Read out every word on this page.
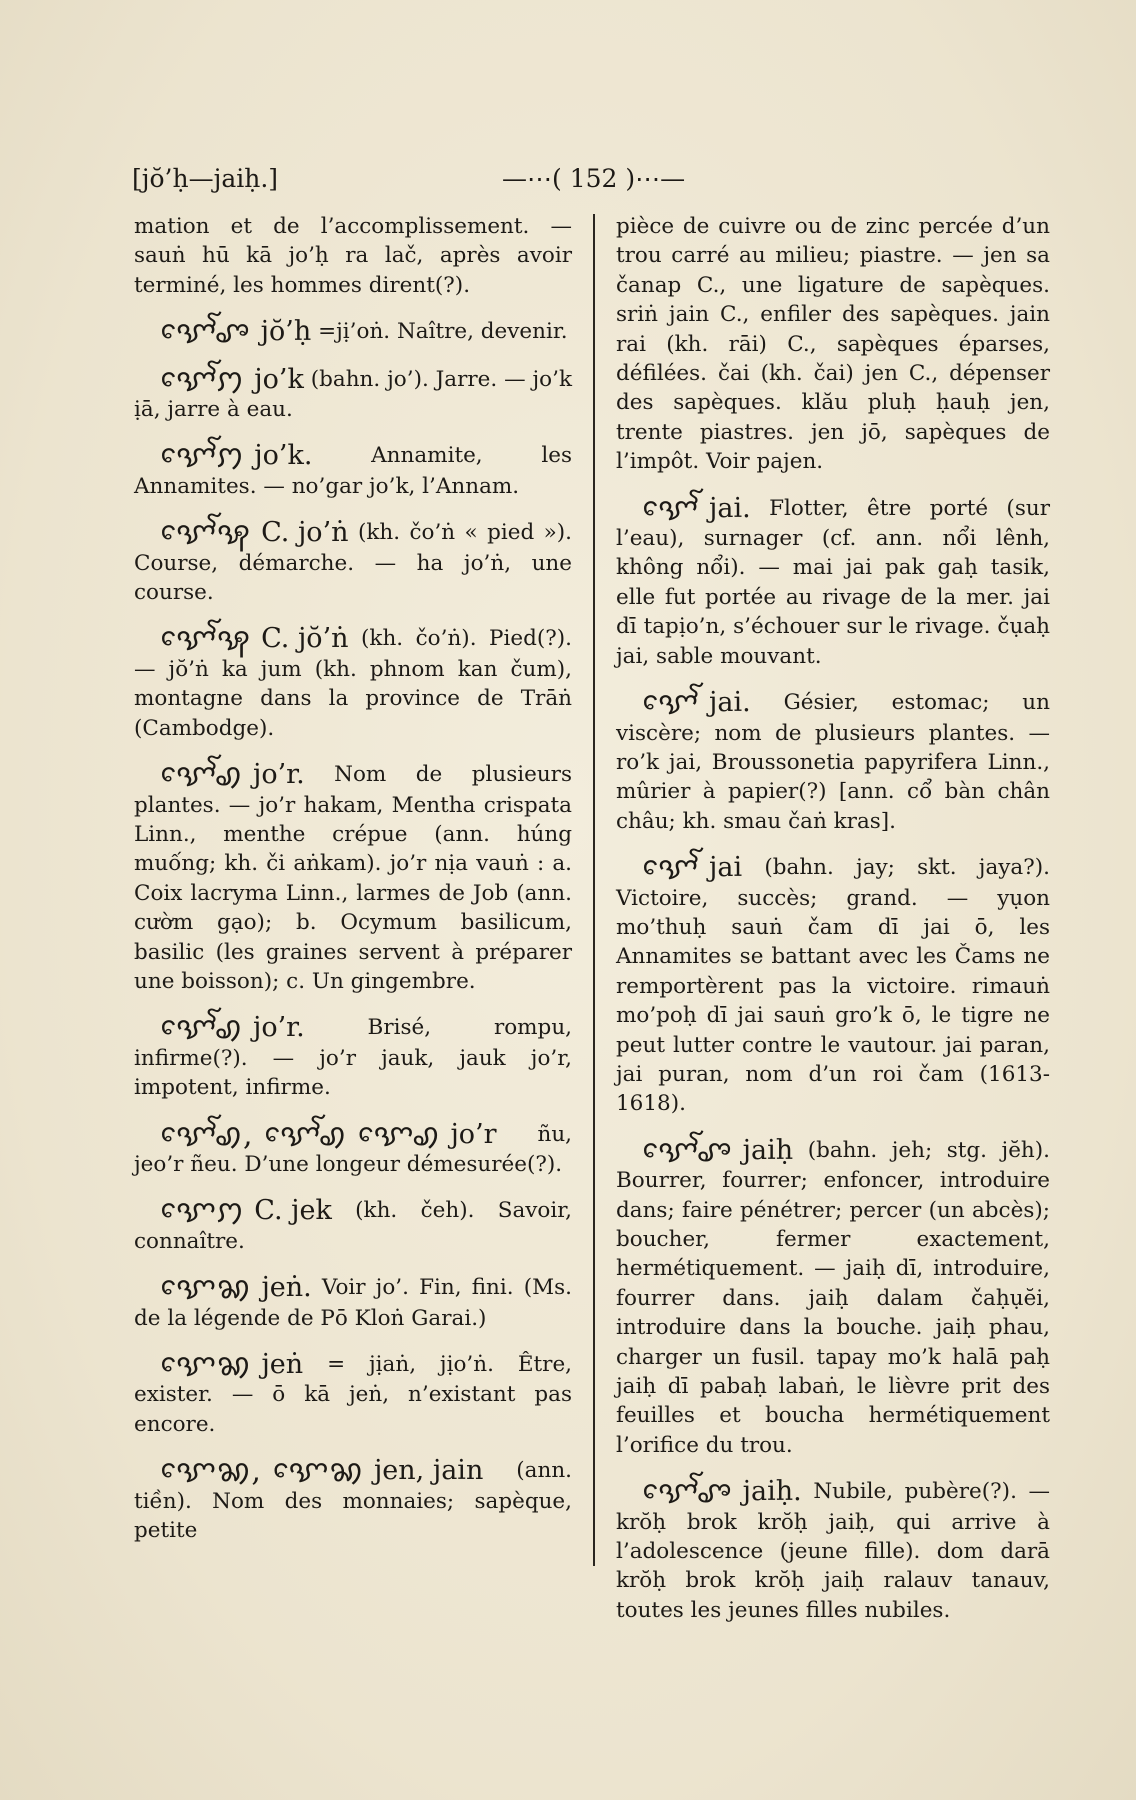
[jŏ’ḥ—jaiḥ.]	—⋯( 152 )⋯—

mation et de l’accomplissement. — sauṅ hū kā jo’ḥ ra lač, après avoir terminé, les hommes dirent(?).

ꨎꨯꨱꨨ jŏ’ḥ =jị’oṅ. Naître, devenir.

ꨎꨯꨱꩀ jo’k (bahn. jo’). Jarre. — jo’k ịā, jarre à eau.

ꨎꨯꨱꩀ jo’k.	Annamite, les Annamites. — no’gar jo’k, l’Annam.

ꨎꨯꨱꩂ C. jo’ṅ (kh. čo’ṅ « pied »). Course, démarche. — ha jo’ṅ, une course.

ꨎꨯꨱꩂ C. jŏ’ṅ (kh. čo’ṅ). Pied(?). — jŏ’ṅ ka jum (kh. phnom kan čum), montagne dans la province de Trāṅ (Cambodge).

ꨎꨯꨱꩉ jo’r. Nom de plusieurs plantes. — jo’r hakam, Mentha crispata Linn., menthe crépue (ann. húng muống; kh. či aṅkam). jo’r nịa vauṅ : a. Coix lacryma Linn., larmes de Job (ann. cườm gạo); b. Ocymum basilicum, basilic (les graines servent à préparer une boisson); c. Un gingembre.

ꨎꨯꨱꩉ jo’r.	Brisé, rompu, infirme(?). — jo’r jauk, jauk jo’r, impotent, infirme.

ꨎꨯꨱꩉ, ꨎꨯꨱꩉ ꨎꨯꩉ jo’r ñu, jeo’r ñeu. D’une longeur démesurée(?).

ꨎꨯꩀ C. jek (kh. čeh). Savoir, connaître.

ꨎꨯꩆ jeṅ. Voir jo’. Fin, fini. (Ms. de la légende de Pō Kloṅ Garai.)

ꨎꨯꩆ jeṅ = jịaṅ, jịo’ṅ. Être, exister. — ō kā jeṅ, n’existant pas encore.

ꨎꨯꩆ, ꨎꨯꩆ jen, jain (ann. tiền). Nom des monnaies; sapèque, petite

pièce de cuivre ou de zinc percée d’un trou carré au milieu; piastre. — jen sa čanap C., une ligature de sapèques. sriṅ jain C., enfiler des sapèques. jain rai (kh. rāi) C., sapèques éparses, défilées. čai (kh. čai) jen C., dépenser des sapèques. klău pluḥ ḥauḥ jen, trente piastres. jen jō, sapèques de l’impôt. Voir pajen.

ꨎꨯꨱ jai. Flotter, être porté (sur l’eau), surnager (cf. ann. nổi lênh, không nổi). — mai jai pak gaḥ tasik, elle fut portée au rivage de la mer. jai dī tapịo’n, s’échouer sur le rivage. čụaḥ jai, sable mouvant.

ꨎꨯꨱ jai. Gésier, estomac; un viscère; nom de plusieurs plantes. — ro’k jai, Broussonetia papyrifera Linn., mûrier à papier(?) [ann. cổ bàn chân châu; kh. smau čaṅ kras].

ꨎꨯꨱ jai (bahn. jay; skt. jaya?). Victoire, succès; grand. — yụon mo’thuḥ sauṅ čam dī jai ō, les Annamites se battant avec les Čams ne remportèrent pas la victoire. rimauṅ mo’poḥ dī jai sauṅ gro’k ō, le tigre ne peut lutter contre le vautour. jai paran, jai puran, nom d’un roi čam (1613-1618).

ꨎꨯꨱꨨ jaiḥ (bahn. jeh; stg. jĕh). Bourrer, fourrer; enfoncer, introduire dans; faire pénétrer; percer (un abcès); boucher, fermer exactement, hermétiquement. — jaiḥ dī, introduire, fourrer dans. jaiḥ dalam čaḥụĕi, introduire dans la bouche. jaiḥ phau, charger un fusil. tapay mo’k halā paḥ jaiḥ dī pabaḥ labaṅ, le lièvre prit des feuilles et boucha hermétiquement l’orifice du trou.

ꨎꨯꨱꨨ jaiḥ. Nubile, pubère(?). — krŏḥ brok krŏḥ jaiḥ, qui arrive à l’adolescence (jeune fille). dom darā krŏḥ brok krŏḥ jaiḥ ralauv tanauv, toutes les jeunes filles nubiles.
